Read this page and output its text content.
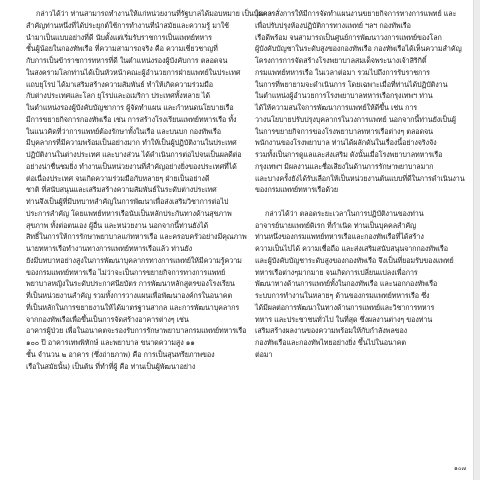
กล่าวได้ว่า ท่านสามารถทำงานให้แก่หน่วยงานที่รัฐบาลได้มอบหมาย เป็นบุคคล
สำคัญท่านหนึ่งที่ได้ประยุกต์ใช้การทำงานที่นำสมัยและความรู้ มาใช้
นำมาเป็นแบบอย่างที่ดี นับตั้งแต่เริ่มรับราชการเป็นแพทย์ทหาร
ชั้นผู้น้อยในกองทัพเรือ ที่ความสามารถจริง คือ ความเชี่ยวชาญที่
กับการเป็นข้าราชการทหารที่ดี ในตำแหน่งรองผู้บังคับการ ตลอดจน
ในสงครามโลกท่านได้เป็นหัวหน้าคณะผู้อำนวยการฝ่ายแพทย์ในประเทศ
แถบยุโรป ได้มาเสริมสร้างความสัมพันธ์ ทำให้เกิดความร่วมมือ
กับต่างประเทศและโลก ยุโรปและอเมริกา ประเทศทั้งหลาย ได้
ในตำแหน่งรองผู้บังคับบัญชาการ ผู้จัดทำแผน และกำหนดนโยบายเรือ
มีการขยายกิจการกองทัพเรือ เช่น การสร้างโรงเรียนแพทย์ทหารเรือ ทั้ง
ในแนวคิดที่ว่าการแพทย์ต้องรักษาทั้งในเรือ และบนบก กองทัพเรือ
มีบุคลากรที่มีความพร้อมเป็นอย่างมาก ทำให้เป็นผู้ปฏิบัติงานในประเทศ
ปฏิบัติงานในต่างประเทศ และบางส่วน ได้ดำเนินการต่อไปจนเป็นผลดีต่อ
อย่างน่าชื่นชมยิ่ง ทำงานเป็นหน่วยงานที่สำคัญอย่างยิ่งของประเทศที่ได้
ต่อเนื่องประเทศ จนเกิดความร่วมมือกับหลายๆ ฝ่ายเป็นอย่างดี
ชาติ ที่สนับสนุนและเสริมสร้างความสัมพันธ์ในระดับต่างประเทศ
ท่านจึงเป็นผู้ที่มีบทบาทสำคัญในการพัฒนาเพื่อส่งเสริมวิชาการต่อไป
ประการสำคัญ โดยแพทย์ทหารเรือนับเป็นหลักประกันทางด้านสุขภาพ
สุขภาพ ทั้งต่อตนเอง ผู้อื่น และหน่วยงาน นอกจากนี้ท่านยังได้
สิทธิ์ในการให้การรักษาพยาบาลแก่ทหารเรือ และครอบครัวอย่างมีคุณภาพ
นายทหารเรือทำงานทางการแพทย์ทหารเรือแล้ว ท่านยัง
ยังมีบทบาทอย่างสูงในการพัฒนาบุคลากรทางการแพทย์ให้มีความรู้ความ
ของกรมแพทย์ทหารเรือ ไม่ว่าจะเป็นการขยายกิจการทางการแพทย์
พยาบาลหญิงในระดับประกาศนียบัตร การพัฒนาหลักสูตรของโรงเรียน
ที่เป็นหน่วยงานสำคัญ รวมทั้งการวางแผนเพื่อพัฒนาองค์กรในอนาคต
ที่เป็นหลักในการขยายงานให้ได้มาตรฐานสากล และการพัฒนาบุคลากร
จากกองทัพเรือเพื่อขึ้นเป็นการจัดสร้างอาคารต่างๆ เช่น
อาคารผู้ป่วย เพื่อในอนาคตจะรองรับการรักษาพยาบาลกรมแพทย์ทหารเรือ
๑๐๐ ปี อาคารเทพพิทักษ์ และพยาบาล ขนาดความสูง ๑๑
ชั้น จำนวน ๒ อาคาร (ซึ่งถ่ายภาพ) คือ การเป็นสุนทรียภาพของ
เรือในสมัยนั้น) เป็นต้น ที่ทำที่ผู้ คือ ท่านเป็นผู้พัฒนาอย่าง
ในการสั่งการให้มีการจัดทำแผนงานขยายกิจการทางการแพทย์ และ
เพื่อปรับปรุงห้องปฏิบัติการทางแพทย์ ฯลฯ กองทัพเรือ
เรือดีพร้อม จนสามารถเป็นศูนย์การพัฒนาวงการแพทย์ของโลก
ผู้บังคับบัญชาในระดับสูงของกองทัพเรือ กองทัพเรือได้เห็นความสำคัญ
โครงการการจัดสร้างโรงพยาบาลสมเด็จพระนางเจ้าสิริกิติ์
กรมแพทย์ทหารเรือ ในเวลาต่อมา รวมไปถึงการรับราชการ
ในการที่พยายามจะดำเนินการ โดยเฉพาะเมื่อที่ท่านได้ปฏิบัติงาน
ในตำแหน่งผู้อำนวยการโรงพยาบาลทหารเรือกรุงเทพฯ ท่าน
ได้ให้ความสนใจการพัฒนาการแพทย์ให้ดีขึ้น เช่น การ
วางนโยบายปรับปรุงบุคลากรในวงการแพทย์ นอกจากนี้ท่านยังเป็นผู้
ในการขยายกิจการของโรงพยาบาลทหารเรือต่างๆ ตลอดจน
พนักงานของโรงพยาบาล ท่านได้ผลักดันในเรื่องนี้อย่างจริงจัง
รวมทั้งเป็นการดูแลและส่งเสริม ดังนั้นเมื่อโรงพยาบาลทหารเรือ
กรุงเทพฯ มีผลงานและชื่อเสียงในด้านการรักษาพยาบาลมาก
และบางครั้งยังได้รับเลือกให้เป็นหน่วยงานต้นแบบที่ดีในการดำเนินงาน
ของกรมแพทย์ทหารเรือด้วย
กล่าวได้ว่า ตลอดระยะเวลาในการปฏิบัติงานของท่าน
อาจารย์นายแพทย์ดิเรก ที่กำเนิด ท่านเป็นบุคคลสำคัญ
ท่านหนึ่งของกรมแพทย์ทหารเรือและกองทัพเรือที่ได้สร้าง
ความเป็นไปได้ ความเชื่อถือ และส่งเสริมสนับสนุนจากกองทัพเรือ
และผู้บังคับบัญชาระดับสูงของกองทัพเรือ จึงเป็นที่ยอมรับของแพทย์
ทหารเรือต่างๆมากมาย จนเกิดการเปลี่ยนแปลงเพื่อการ
พัฒนาทางด้านการแพทย์ทั้งในกองทัพเรือ และนอกกองทัพเรือ
ระบบการทำงานในหลายๆ ด้านของกรมแพทย์ทหารเรือ ซึ่ง
ได้มีผลต่อการพัฒนาในทางด้านการแพทย์และวิชาการทหาร
ทหาร และประชาชนทั่วไป ในที่สุด ซึ่งผลงานต่างๆ ของท่าน
เสริมสร้างผลงานของความพร้อมให้กับกำลังพลของ
กองทัพเรือและกองทัพไทยอย่างยิ่ง ขึ้นไปในอนาคต
ต่อมา
๑๐๗
